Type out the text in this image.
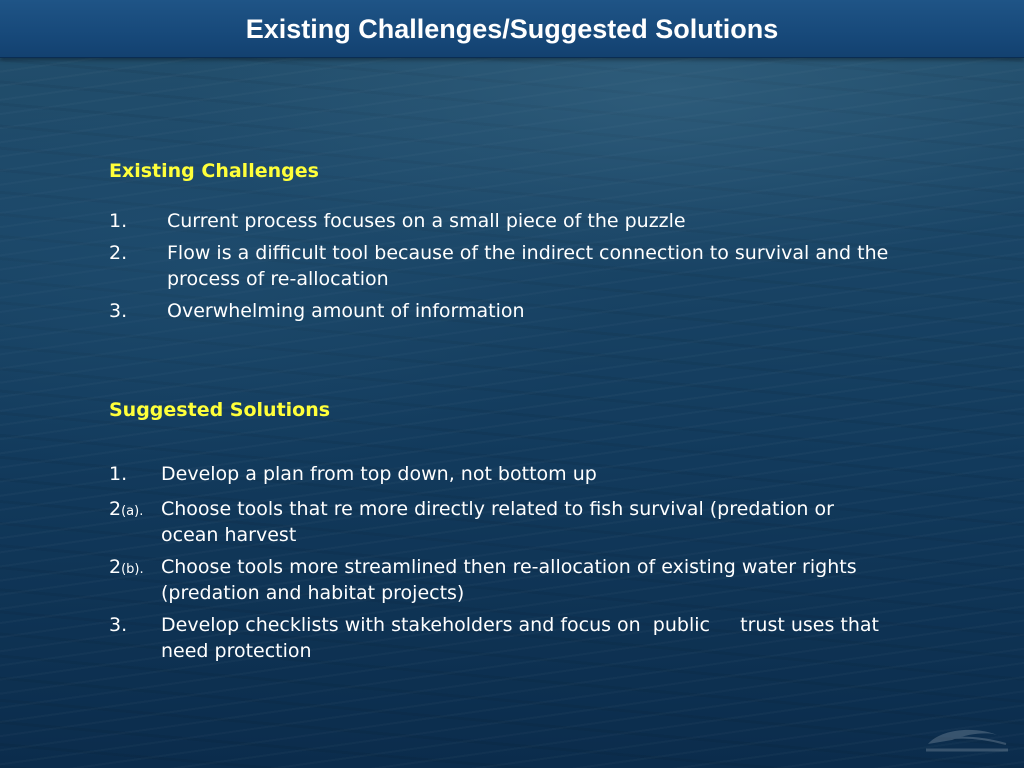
Existing Challenges/Suggested Solutions
Existing Challenges
1.	Current process focuses on a small piece of the puzzle
2.	Flow is a difficult tool because of the indirect connection to survival and the process of re-allocation
3.	Overwhelming amount of information
Suggested Solutions
1.	Develop a plan from top down, not bottom up
2(a). Choose tools that re more directly related to fish survival (predation or ocean harvest
2(b). Choose tools more streamlined then re-allocation of existing water rights (predation and habitat projects)
3.	Develop checklists with stakeholders and focus on  public     trust uses that need protection
